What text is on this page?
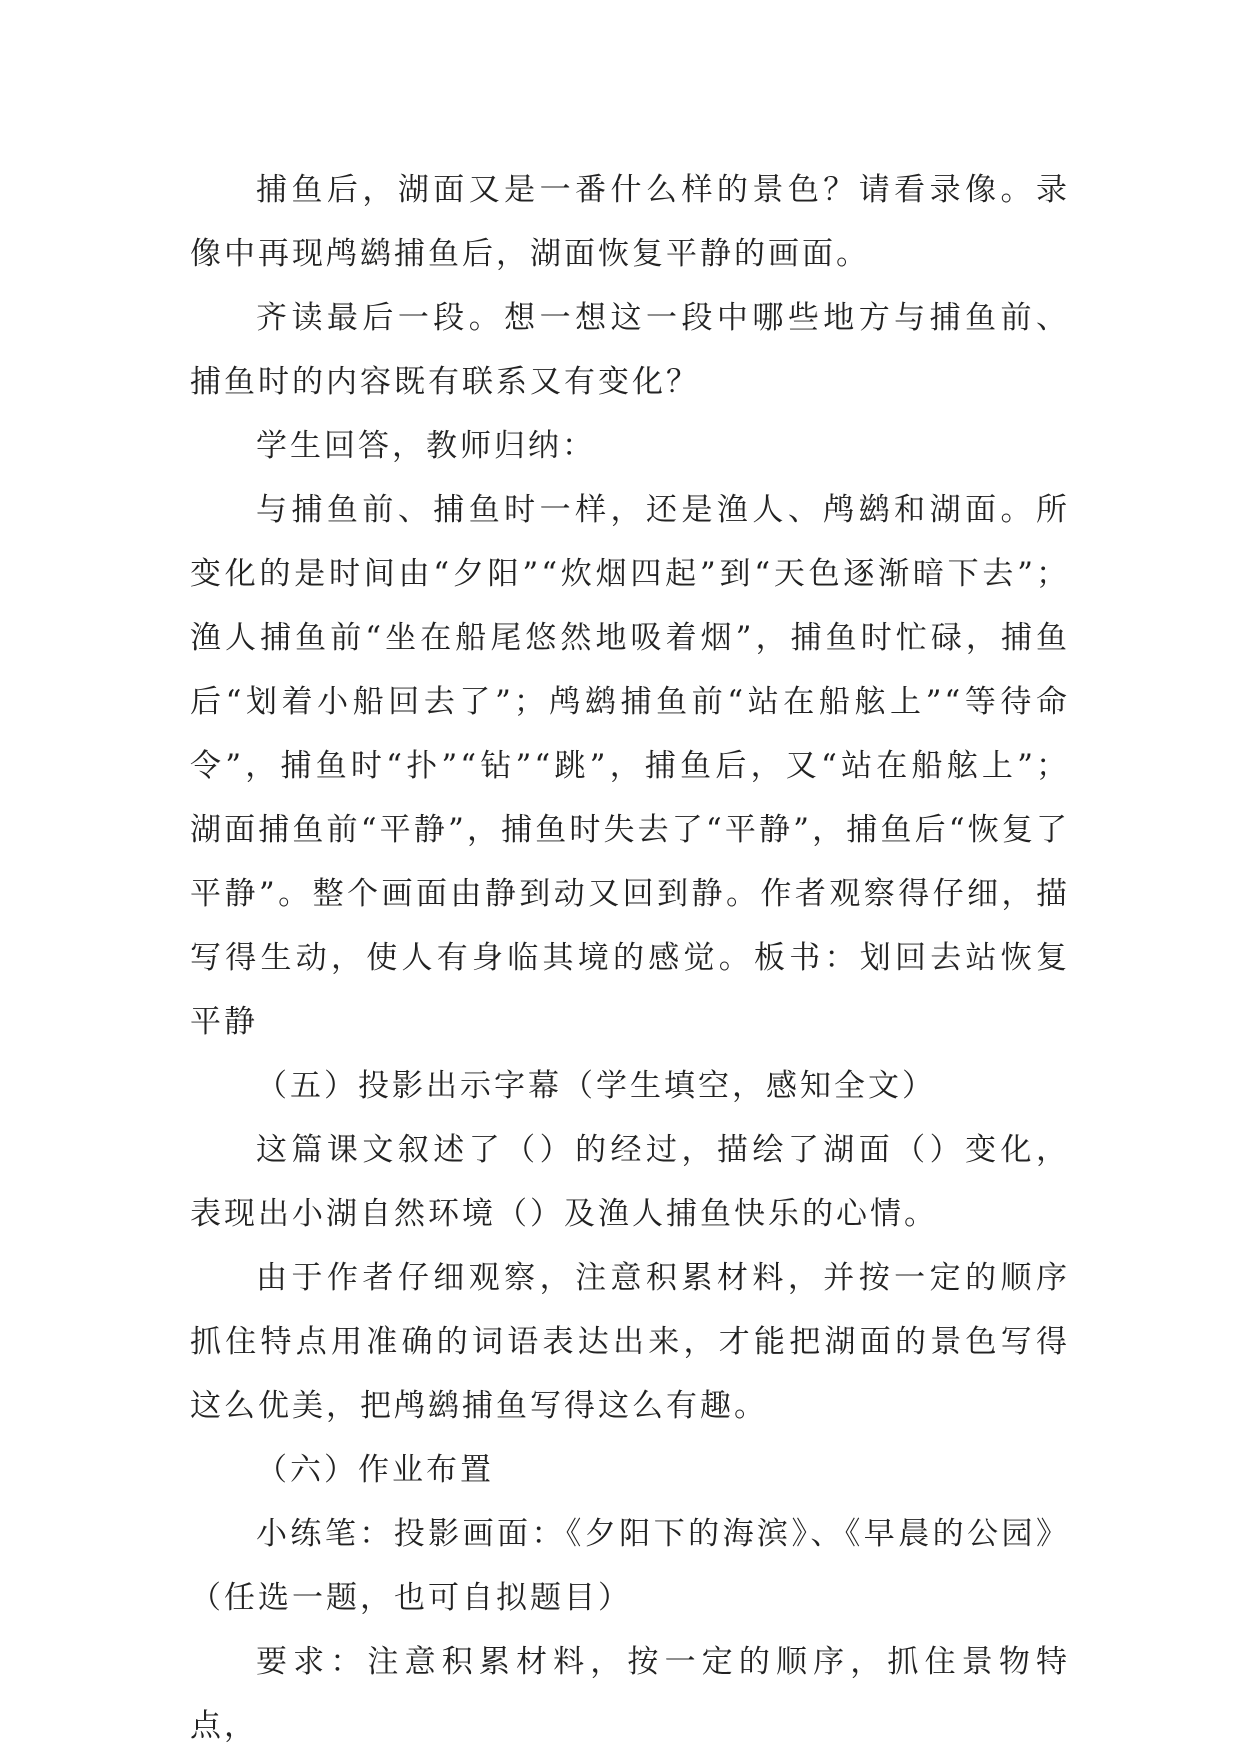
捕鱼后，湖面又是一番什么样的景色？请看录像。录像中再现鸬鹚捕鱼后，湖面恢复平静的画面。

齐读最后一段。想一想这一段中哪些地方与捕鱼前、捕鱼时的内容既有联系又有变化？

学生回答，教师归纳：

与捕鱼前、捕鱼时一样，还是渔人、鸬鹚和湖面。所变化的是时间由“夕阳”“炊烟四起”到“天色逐渐暗下去”；渔人捕鱼前“坐在船尾悠然地吸着烟”，捕鱼时忙碌，捕鱼后“划着小船回去了”；鸬鹚捕鱼前“站在船舷上”“等待命令”，捕鱼时“扑”“钻”“跳”，捕鱼后，又“站在船舷上”；湖面捕鱼前“平静”，捕鱼时失去了“平静”，捕鱼后“恢复了平静”。整个画面由静到动又回到静。作者观察得仔细，描写得生动，使人有身临其境的感觉。板书：划回去站恢复平静

（五）投影出示字幕（学生填空，感知全文）

这篇课文叙述了（）的经过，描绘了湖面（）变化，表现出小湖自然环境（）及渔人捕鱼快乐的心情。

由于作者仔细观察，注意积累材料，并按一定的顺序抓住特点用准确的词语表达出来，才能把湖面的景色写得这么优美，把鸬鹚捕鱼写得这么有趣。

（六）作业布置

小练笔：投影画面：《夕阳下的海滨》、《早晨的公园》（任选一题，也可自拟题目）

要求：注意积累材料，按一定的顺序，抓住景物特点，
